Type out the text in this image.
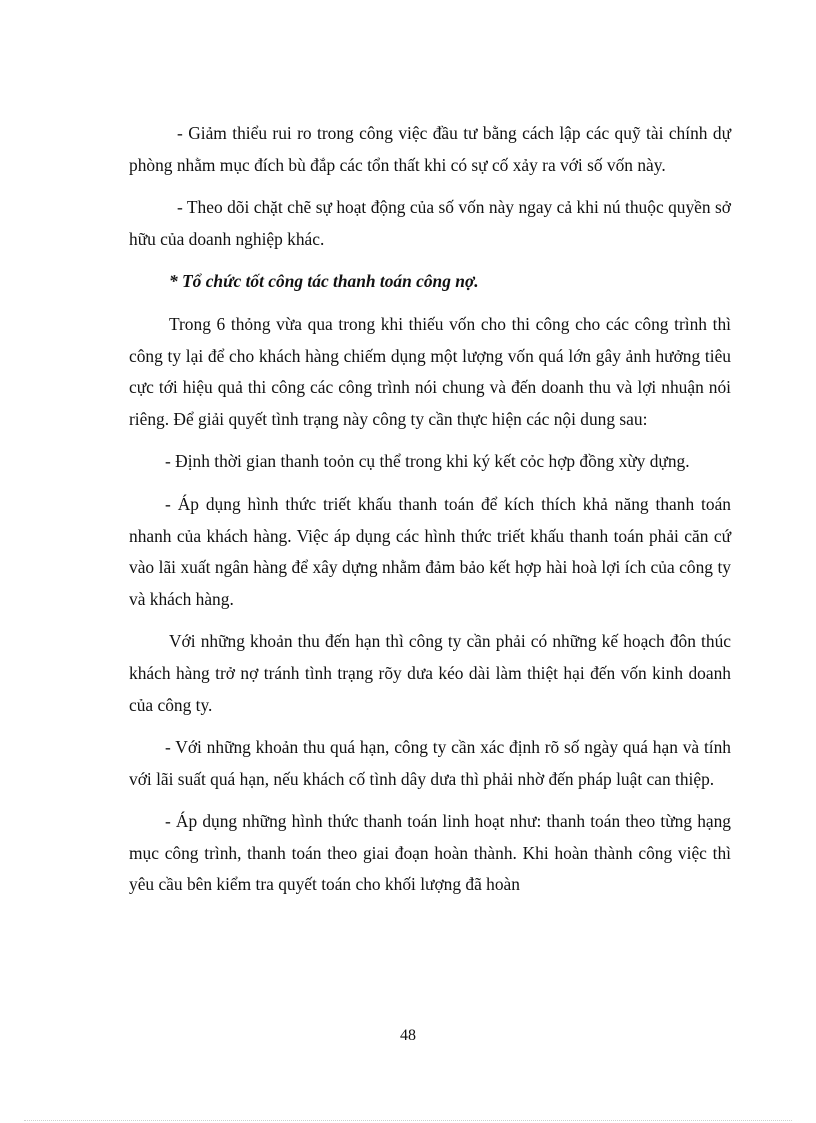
- Giảm thiểu rui ro trong công việc đầu tư bằng cách lập các quỹ tài chính dự phòng nhằm mục đích bù đắp các tổn thất khi có sự cố xảy ra với số vốn này.

- Theo dõi chặt chẽ sự hoạt động của số vốn này ngay cả khi nú thuộc quyền sở hữu của doanh nghiệp khác.

* Tổ chức tốt công tác thanh toán công nợ.

Trong 6 thỏng vừa qua trong khi thiếu vốn cho thi công cho các công trình thì công ty lại để cho khách hàng chiếm dụng một lượng vốn quá lớn gây ảnh hưởng tiêu cực tới hiệu quả thi công các công trình nói chung và đến doanh thu và lợi nhuận nói riêng. Để giải quyết tình trạng này công ty cần thực hiện các nội dung sau:

- Định thời gian thanh toỏn cụ thể trong khi ký kết cỏc hợp đồng xừy dựng.

- Áp dụng hình thức triết khấu thanh toán để kích thích khả năng thanh toán nhanh của khách hàng. Việc áp dụng các hình thức triết khấu thanh toán phải căn cứ vào lãi xuất ngân hàng để xây dựng nhằm đảm bảo kết hợp hài hoà lợi ích của công ty và khách hàng.

Với những khoản thu đến hạn thì công ty cần phải có những kế hoạch đôn thúc khách hàng trở nợ tránh tình trạng rõy dưa kéo dài làm thiệt hại đến vốn kinh doanh của công ty.

- Với những khoản thu quá hạn, công ty cần xác định rõ số ngày quá hạn và tính với lãi suất quá hạn, nếu khách cố tình dây dưa thì phải nhờ đến pháp luật can thiệp.

- Áp dụng những hình thức thanh toán linh hoạt như: thanh toán theo từng hạng mục công trình, thanh toán theo giai đoạn hoàn thành. Khi hoàn thành công việc thì yêu cầu bên kiểm tra quyết toán cho khối lượng đã hoàn

48
